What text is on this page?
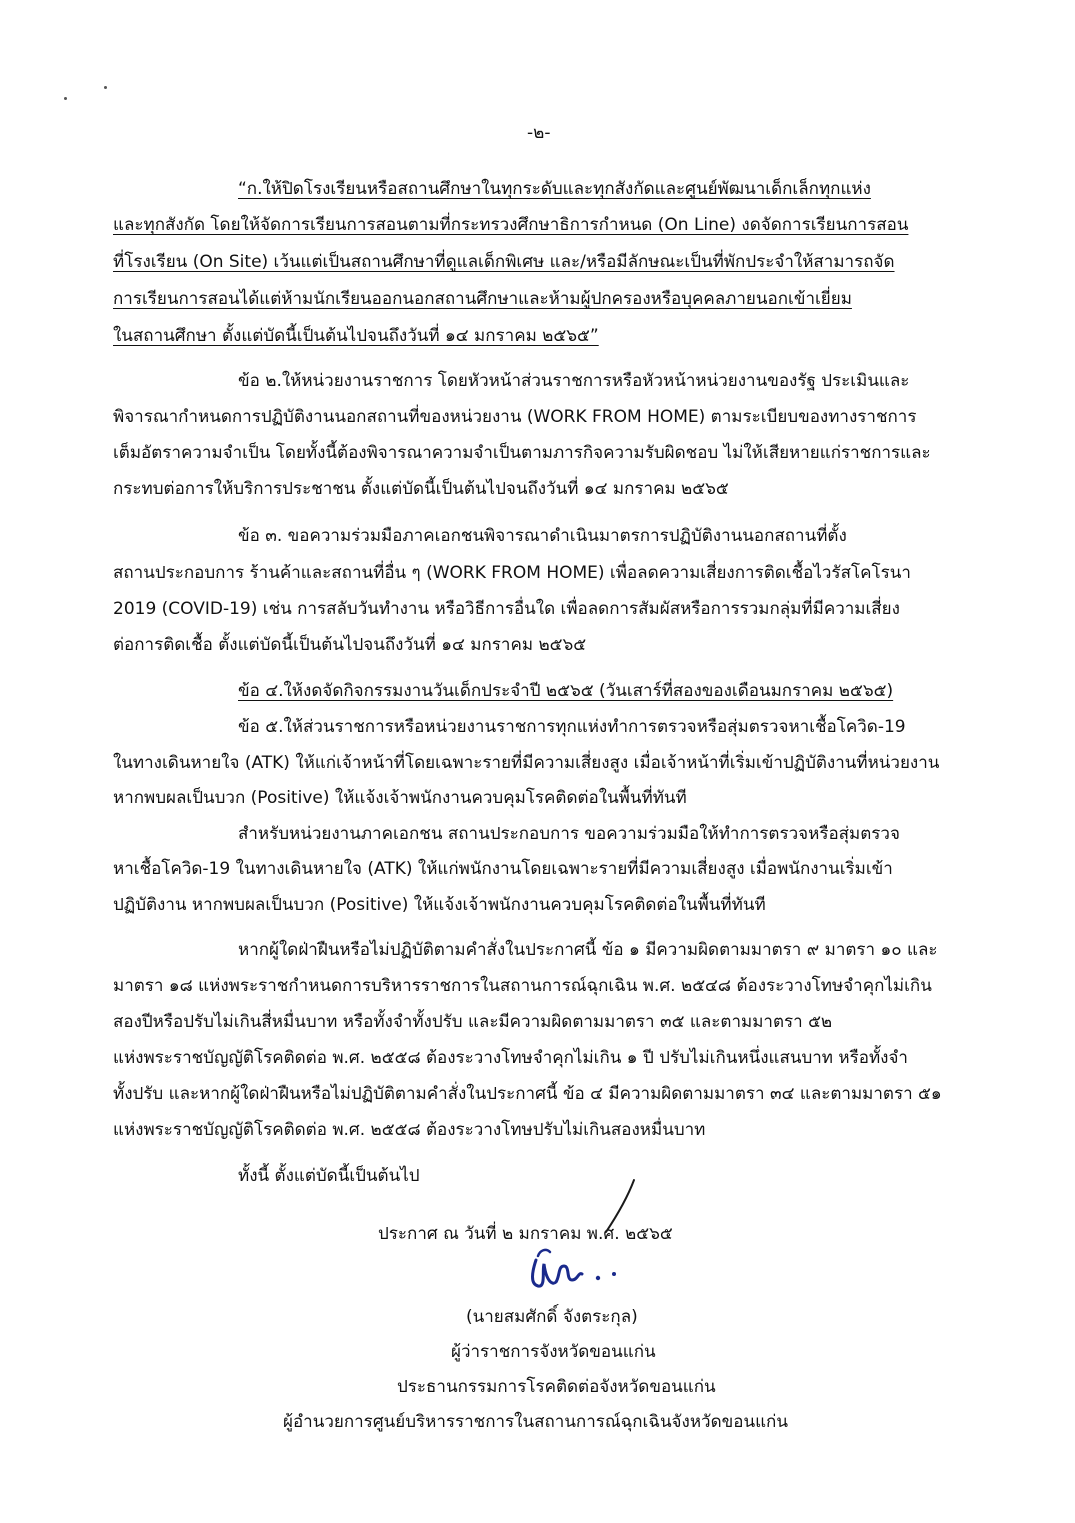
-๒-
“ก.ให้ปิดโรงเรียนหรือสถานศึกษาในทุกระดับและทุกสังกัดและศูนย์พัฒนาเด็กเล็กทุกแห่ง
และทุกสังกัด โดยให้จัดการเรียนการสอนตามที่กระทรวงศึกษาธิการกำหนด (On Line) งดจัดการเรียนการสอน
ที่โรงเรียน (On Site) เว้นแต่เป็นสถานศึกษาที่ดูแลเด็กพิเศษ และ/หรือมีลักษณะเป็นที่พักประจำให้สามารถจัด
การเรียนการสอนได้แต่ห้ามนักเรียนออกนอกสถานศึกษาและห้ามผู้ปกครองหรือบุคคลภายนอกเข้าเยี่ยม
ในสถานศึกษา ตั้งแต่บัดนี้เป็นต้นไปจนถึงวันที่ ๑๔ มกราคม ๒๕๖๕”
ข้อ ๒.ให้หน่วยงานราชการ โดยหัวหน้าส่วนราชการหรือหัวหน้าหน่วยงานของรัฐ ประเมินและ
พิจารณากำหนดการปฏิบัติงานนอกสถานที่ของหน่วยงาน (WORK FROM HOME) ตามระเบียบของทางราชการ
เต็มอัตราความจำเป็น โดยทั้งนี้ต้องพิจารณาความจำเป็นตามภารกิจความรับผิดชอบ ไม่ให้เสียหายแก่ราชการและ
กระทบต่อการให้บริการประชาชน ตั้งแต่บัดนี้เป็นต้นไปจนถึงวันที่ ๑๔ มกราคม ๒๕๖๕
ข้อ ๓. ขอความร่วมมือภาคเอกชนพิจารณาดำเนินมาตรการปฏิบัติงานนอกสถานที่ตั้ง
สถานประกอบการ ร้านค้าและสถานที่อื่น ๆ (WORK FROM HOME) เพื่อลดความเสี่ยงการติดเชื้อไวรัสโคโรนา
2019 (COVID-19) เช่น การสลับวันทำงาน หรือวิธีการอื่นใด เพื่อลดการสัมผัสหรือการรวมกลุ่มที่มีความเสี่ยง
ต่อการติดเชื้อ ตั้งแต่บัดนี้เป็นต้นไปจนถึงวันที่ ๑๔ มกราคม ๒๕๖๕
ข้อ ๔.ให้งดจัดกิจกรรมงานวันเด็กประจำปี ๒๕๖๕ (วันเสาร์ที่สองของเดือนมกราคม ๒๕๖๕)
ข้อ ๕.ให้ส่วนราชการหรือหน่วยงานราชการทุกแห่งทำการตรวจหรือสุ่มตรวจหาเชื้อโควิด-19
ในทางเดินหายใจ (ATK) ให้แก่เจ้าหน้าที่โดยเฉพาะรายที่มีความเสี่ยงสูง เมื่อเจ้าหน้าที่เริ่มเข้าปฏิบัติงานที่หน่วยงาน
หากพบผลเป็นบวก (Positive) ให้แจ้งเจ้าพนักงานควบคุมโรคติดต่อในพื้นที่ทันที
สำหรับหน่วยงานภาคเอกชน สถานประกอบการ ขอความร่วมมือให้ทำการตรวจหรือสุ่มตรวจ
หาเชื้อโควิด-19 ในทางเดินหายใจ (ATK) ให้แก่พนักงานโดยเฉพาะรายที่มีความเสี่ยงสูง เมื่อพนักงานเริ่มเข้า
ปฏิบัติงาน หากพบผลเป็นบวก (Positive) ให้แจ้งเจ้าพนักงานควบคุมโรคติดต่อในพื้นที่ทันที
หากผู้ใดฝ่าฝืนหรือไม่ปฏิบัติตามคำสั่งในประกาศนี้ ข้อ ๑ มีความผิดตามมาตรา ๙ มาตรา ๑๐ และ
มาตรา ๑๘ แห่งพระราชกำหนดการบริหารราชการในสถานการณ์ฉุกเฉิน พ.ศ. ๒๕๔๘ ต้องระวางโทษจำคุกไม่เกิน
สองปีหรือปรับไม่เกินสี่หมื่นบาท หรือทั้งจำทั้งปรับ และมีความผิดตามมาตรา ๓๕ และตามมาตรา ๕๒
แห่งพระราชบัญญัติโรคติดต่อ พ.ศ. ๒๕๕๘ ต้องระวางโทษจำคุกไม่เกิน ๑ ปี ปรับไม่เกินหนึ่งแสนบาท หรือทั้งจำ
ทั้งปรับ และหากผู้ใดฝ่าฝืนหรือไม่ปฏิบัติตามคำสั่งในประกาศนี้ ข้อ ๔ มีความผิดตามมาตรา ๓๔ และตามมาตรา ๕๑
แห่งพระราชบัญญัติโรคติดต่อ พ.ศ. ๒๕๕๘ ต้องระวางโทษปรับไม่เกินสองหมื่นบาท
ทั้งนี้ ตั้งแต่บัดนี้เป็นต้นไป
ประกาศ ณ วันที่ ๒ มกราคม พ.ศ. ๒๕๖๕
(นายสมศักดิ์ จังตระกุล)
ผู้ว่าราชการจังหวัดขอนแก่น
ประธานกรรมการโรคติดต่อจังหวัดขอนแก่น
ผู้อำนวยการศูนย์บริหารราชการในสถานการณ์ฉุกเฉินจังหวัดขอนแก่น
